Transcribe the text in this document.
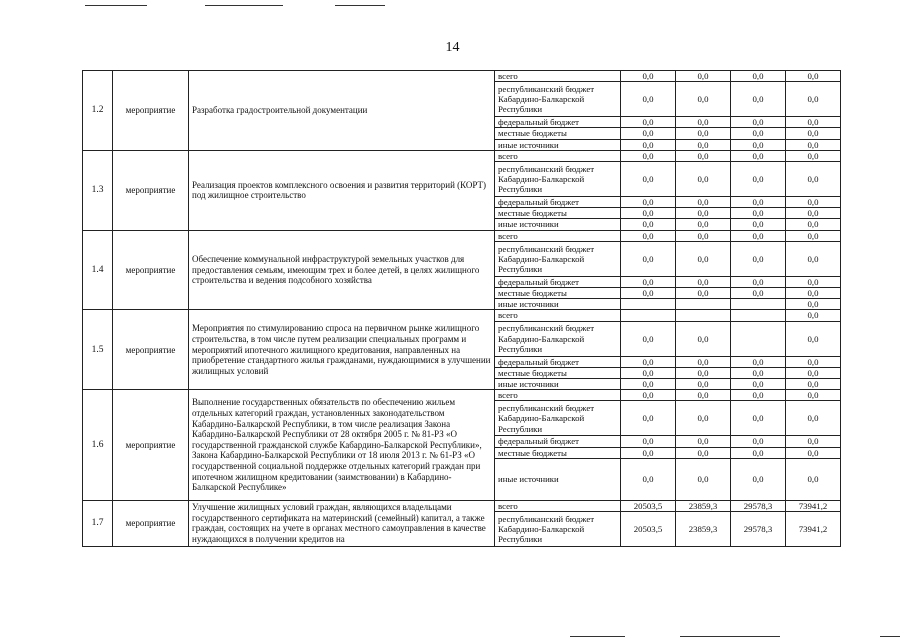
14
1.2	мероприятие	Разработка градостроительной документации	всего	0,0	0,0	0,0	0,0
			республиканский бюджет Кабардино-Балкарской Республики	0,0	0,0	0,0	0,0
			федеральный бюджет	0,0	0,0	0,0	0,0
			местные бюджеты	0,0	0,0	0,0	0,0
			иные источники	0,0	0,0	0,0	0,0
1.3	мероприятие	Реализация проектов комплексного освоения и развития территорий (КОРТ) под жилищное строительство	всего	0,0	0,0	0,0	0,0
			республиканский бюджет Кабардино-Балкарской Республики	0,0	0,0	0,0	0,0
			федеральный бюджет	0,0	0,0	0,0	0,0
			местные бюджеты	0,0	0,0	0,0	0,0
			иные источники	0,0	0,0	0,0	0,0
1.4	мероприятие	Обеспечение коммунальной инфраструктурой земельных участков для предоставления семьям, имеющим трех и более детей, в целях жилищного строительства и ведения подсобного хозяйства	всего	0,0	0,0	0,0	0,0
			республиканский бюджет Кабардино-Балкарской Республики	0,0	0,0	0,0	0,0
			федеральный бюджет	0,0	0,0	0,0	0,0
			местные бюджеты	0,0	0,0	0,0	0,0
			иные источники				0,0
1.5	мероприятие	Мероприятия по стимулированию спроса на первичном рынке жилищного строительства, в том числе путем реализации специальных программ и мероприятий ипотечного жилищного кредитования, направленных на приобретение стандартного жилья гражданами, нуждающимися в улучшении жилищных условий	всего				0,0
			республиканский бюджет Кабардино-Балкарской Республики	0,0	0,0		0,0
			федеральный бюджет	0,0	0,0	0,0	0,0
			местные бюджеты	0,0	0,0	0,0	0,0
			иные источники	0,0	0,0	0,0	0,0
1.6	мероприятие	Выполнение государственных обязательств по обеспечению жильем отдельных категорий граждан, установленных законодательством Кабардино-Балкарской Республики, в том числе реализация Закона Кабардино-Балкарской Республики от 28 октября 2005 г. № 81-РЗ «О государственной гражданской службе Кабардино-Балкарской Республики», Закона Кабардино-Балкарской Республики от 18 июля 2013 г. № 61-РЗ «О государственной социальной поддержке отдельных категорий граждан при ипотечном жилищном кредитовании (заимствовании) в Кабардино-Балкарской Республике»	всего	0,0	0,0	0,0	0,0
			республиканский бюджет Кабардино-Балкарской Республики	0,0	0,0	0,0	0,0
			федеральный бюджет	0,0	0,0	0,0	0,0
			местные бюджеты	0,0	0,0	0,0	0,0
			иные источники	0,0	0,0	0,0	0,0
1.7	мероприятие	Улучшение жилищных условий граждан, являющихся владельцами государственного сертификата на материнский (семейный) капитал, а также граждан, состоящих на учете в органах местного самоуправления в качестве нуждающихся в получении кредитов на	всего	20503,5	23859,3	29578,3	73941,2
			республиканский бюджет Кабардино-Балкарской Республики	20503,5	23859,3	29578,3	73941,2
